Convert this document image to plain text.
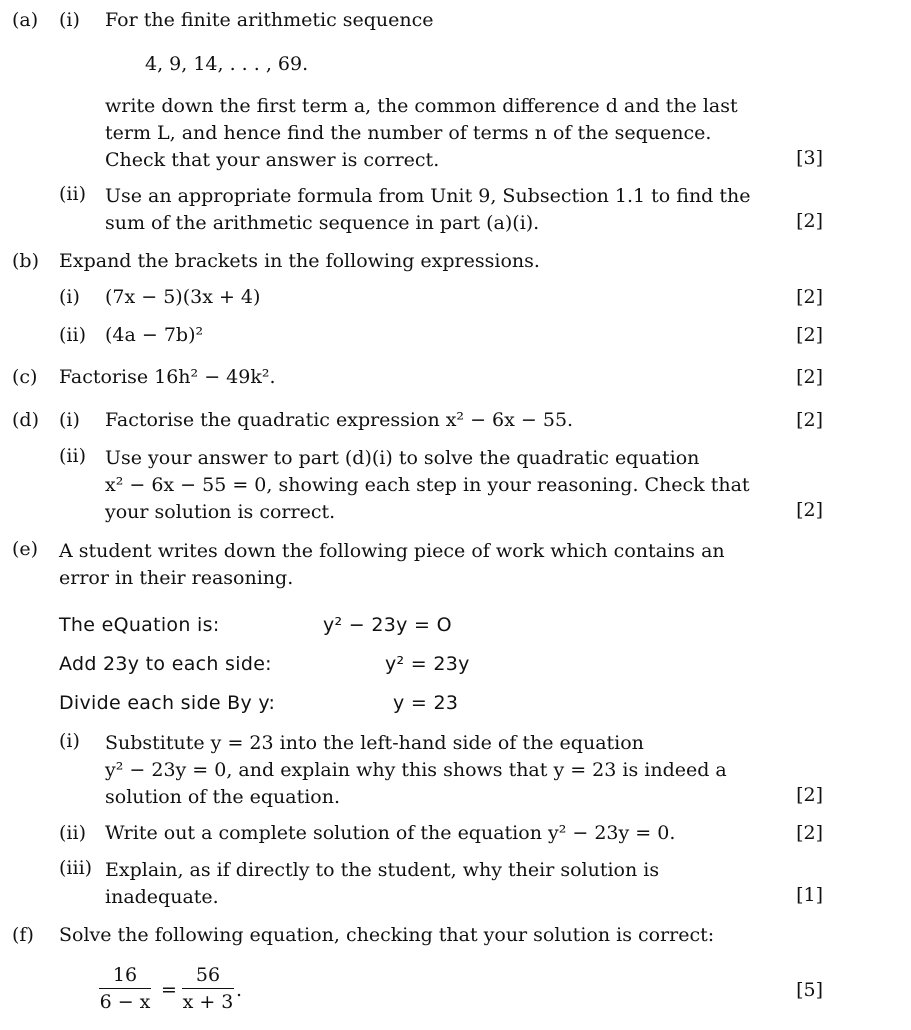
(a) (i) For the finite arithmetic sequence
4, 9, 14, . . . , 69.
write down the first term a, the common difference d and the last
term L, and hence find the number of terms n of the sequence.
Check that your answer is correct.	[3]
(ii) Use an appropriate formula from Unit 9, Subsection 1.1 to find the
sum of the arithmetic sequence in part (a)(i).	[2]
(b) Expand the brackets in the following expressions.
(i) (7x − 5)(3x + 4)	[2]
(ii) (4a − 7b)²	[2]
(c) Factorise 16h² − 49k².	[2]
(d) (i) Factorise the quadratic expression x² − 6x − 55.	[2]
(ii) Use your answer to part (d)(i) to solve the quadratic equation
x² − 6x − 55 = 0, showing each step in your reasoning. Check that
your solution is correct.	[2]
(e) A student writes down the following piece of work which contains an
error in their reasoning.
The eQuation is:	y² − 23y = O
Add 23y to each side:	y² = 23y
Divide each side By y:	y = 23
(i) Substitute y = 23 into the left-hand side of the equation
y² − 23y = 0, and explain why this shows that y = 23 is indeed a
solution of the equation.	[2]
(ii) Write out a complete solution of the equation y² − 23y = 0.	[2]
(iii) Explain, as if directly to the student, why their solution is
inadequate.	[1]
(f) Solve the following equation, checking that your solution is correct:
$\frac{16}{6 - x} = \frac{56}{x + 3}$ .	[5]
